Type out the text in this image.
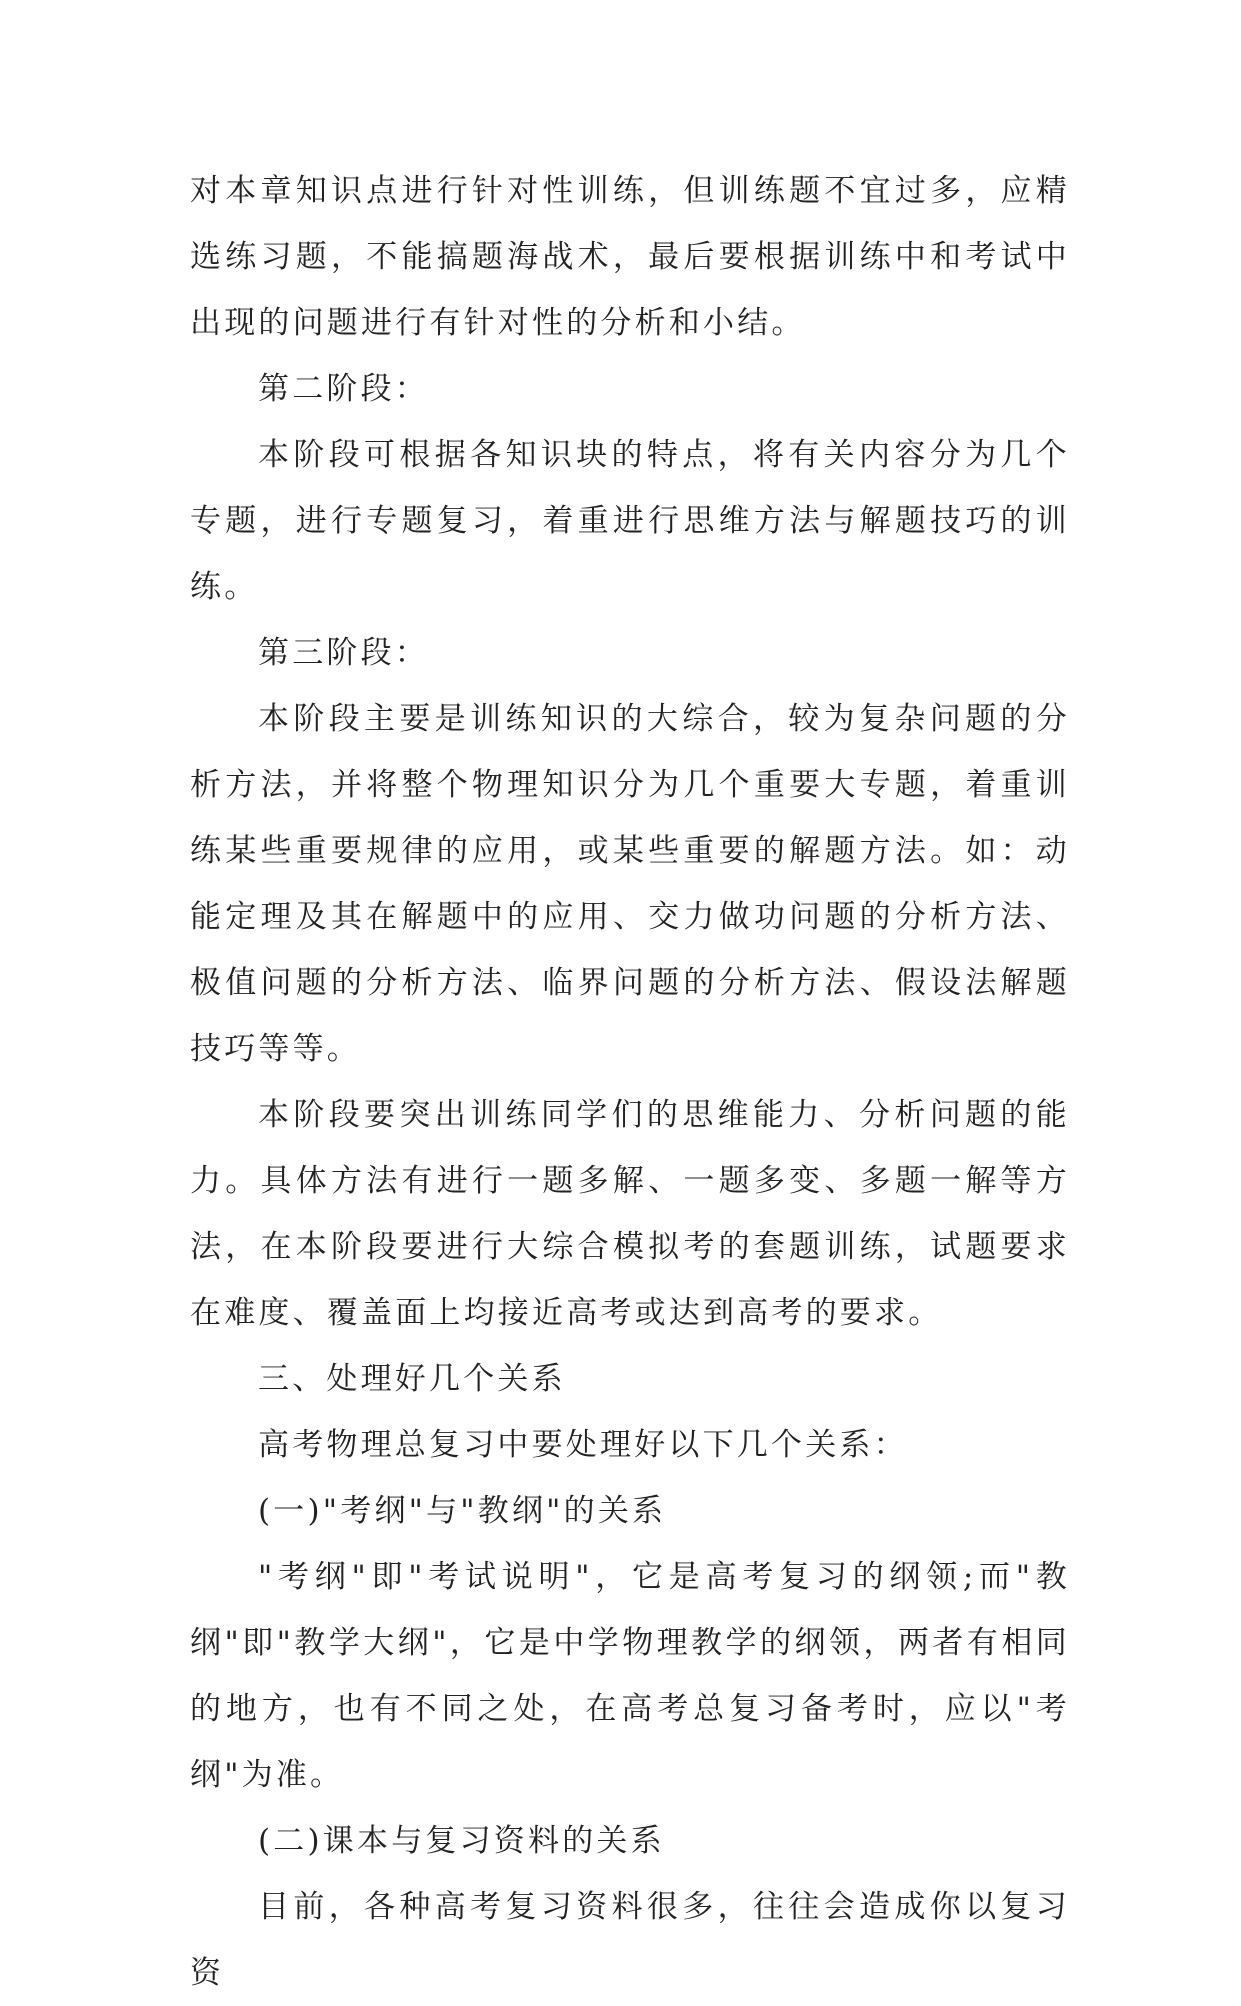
对本章知识点进行针对性训练，但训练题不宜过多，应精选练习题，不能搞题海战术，最后要根据训练中和考试中出现的问题进行有针对性的分析和小结。

第二阶段：

本阶段可根据各知识块的特点，将有关内容分为几个专题，进行专题复习，着重进行思维方法与解题技巧的训练。

第三阶段：

本阶段主要是训练知识的大综合，较为复杂问题的分析方法，并将整个物理知识分为几个重要大专题，着重训练某些重要规律的应用，或某些重要的解题方法。如：动能定理及其在解题中的应用、交力做功问题的分析方法、极值问题的分析方法、临界问题的分析方法、假设法解题技巧等等。

本阶段要突出训练同学们的思维能力、分析问题的能力。具体方法有进行一题多解、一题多变、多题一解等方法，在本阶段要进行大综合模拟考的套题训练，试题要求在难度、覆盖面上均接近高考或达到高考的要求。

三、处理好几个关系

高考物理总复习中要处理好以下几个关系：

(一)"考纲"与"教纲"的关系

"考纲"即"考试说明"，它是高考复习的纲领;而"教纲"即"教学大纲"，它是中学物理教学的纲领，两者有相同的地方，也有不同之处，在高考总复习备考时，应以"考纲"为准。

(二)课本与复习资料的关系

目前，各种高考复习资料很多，往往会造成你以复习资
